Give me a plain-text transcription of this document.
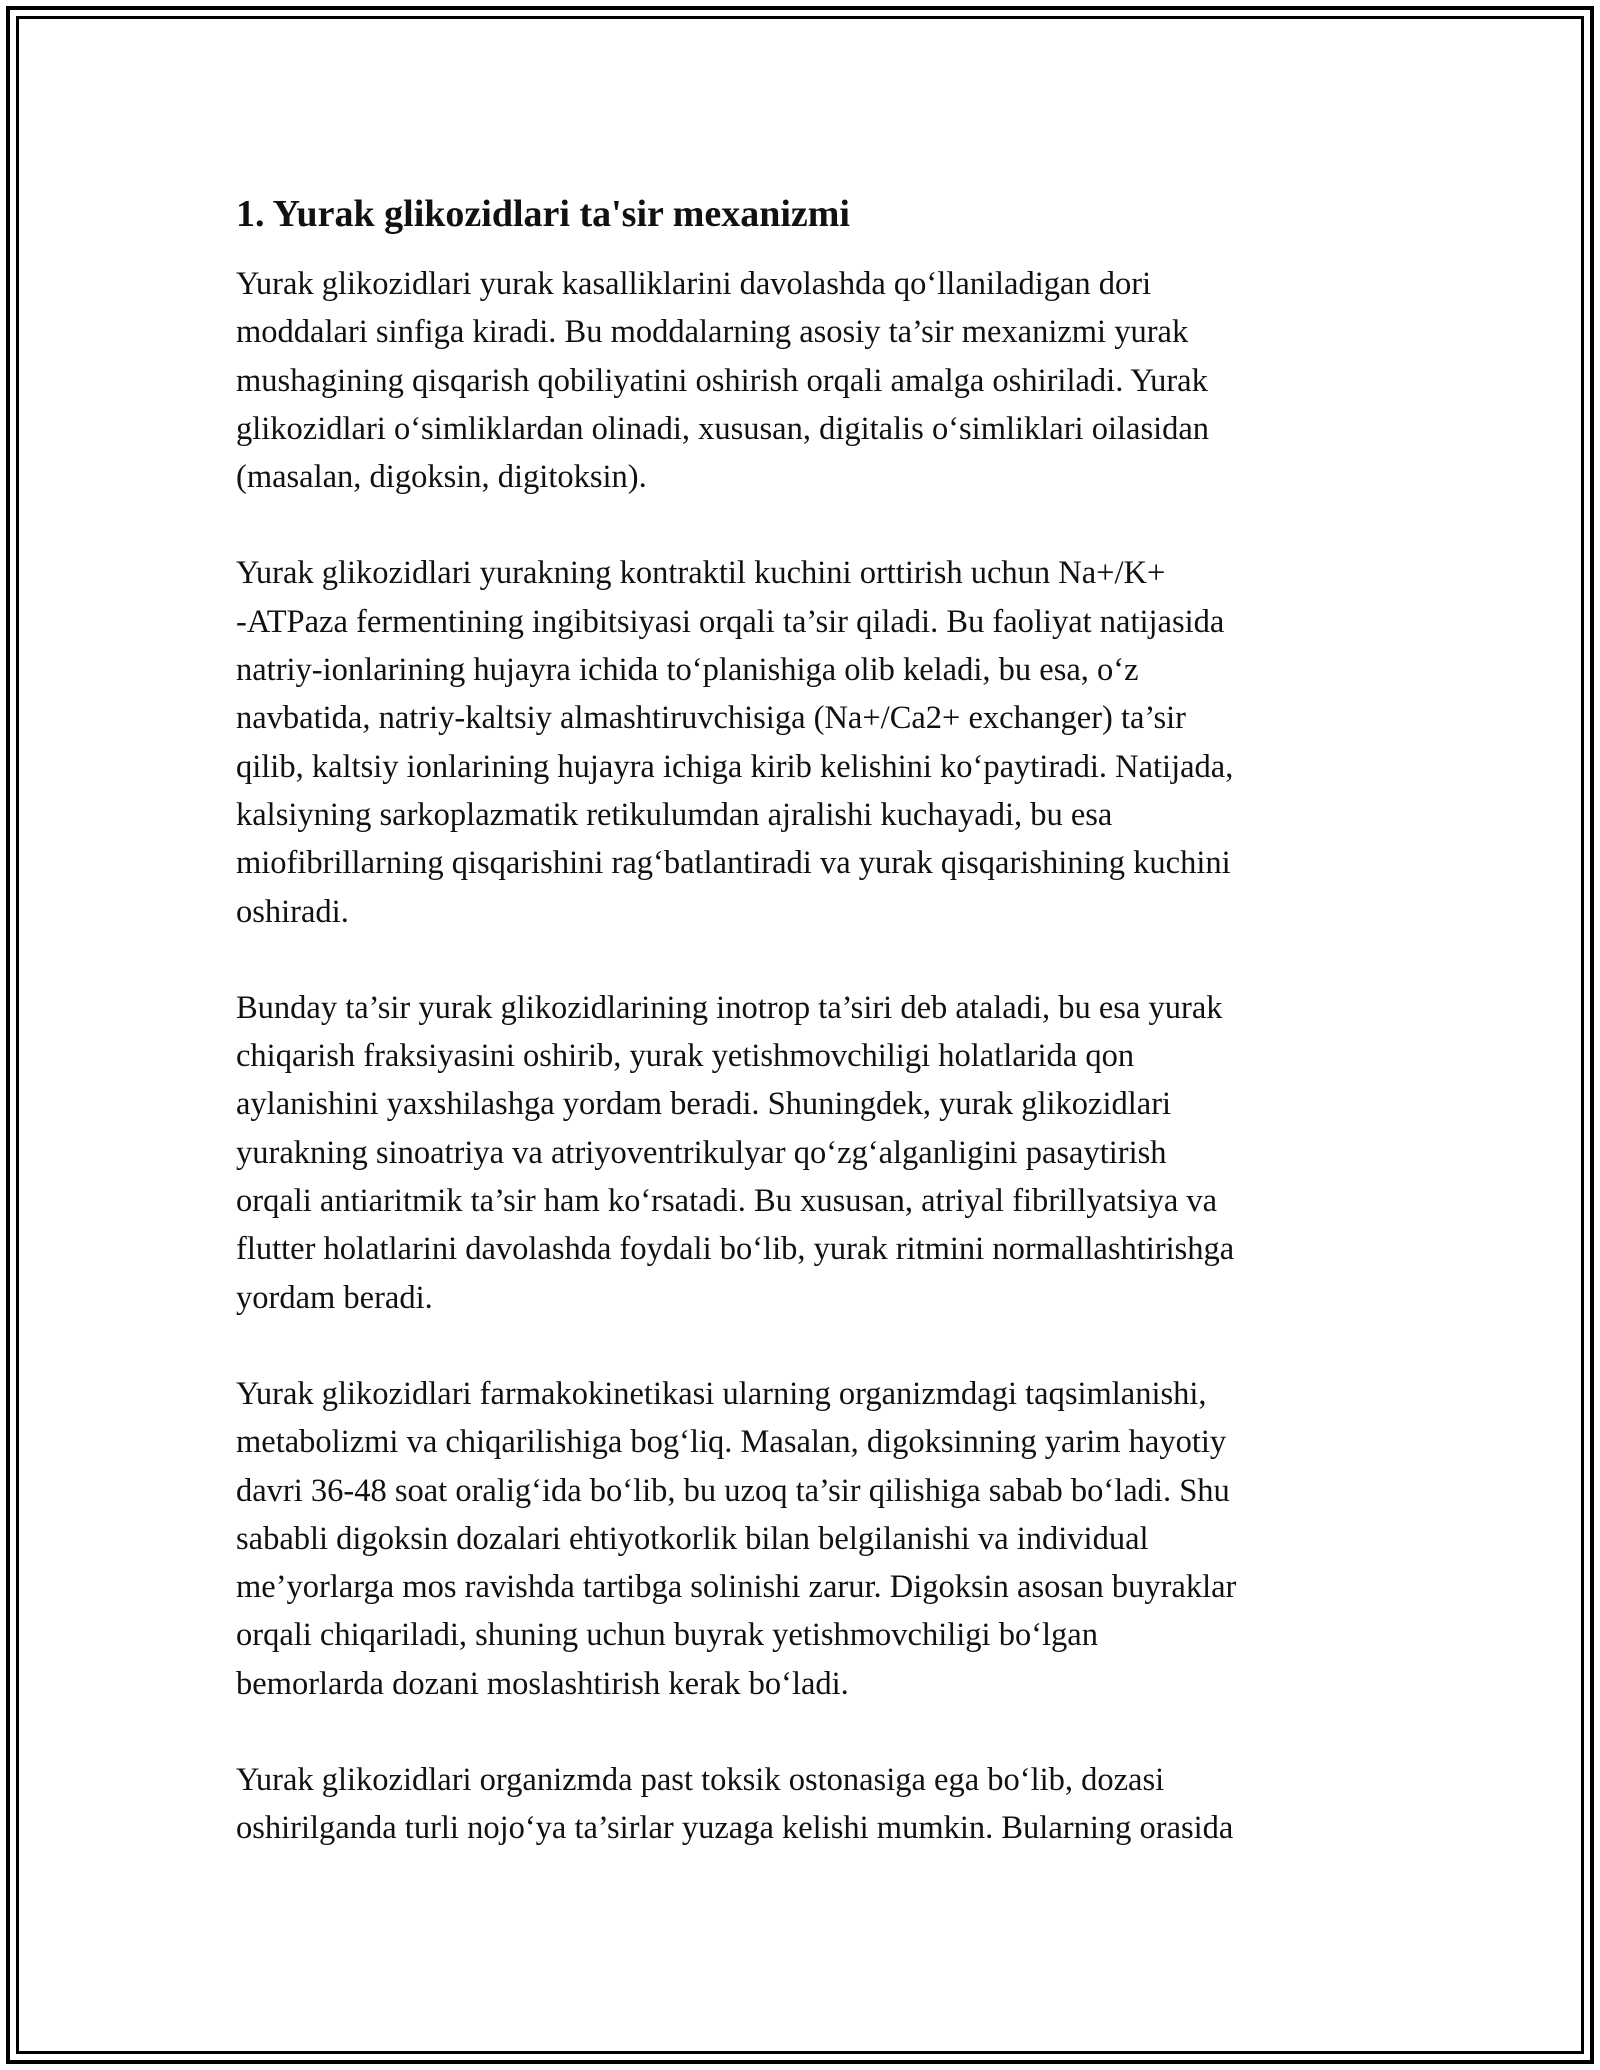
1. Yurak glikozidlari ta'sir mexanizmi

Yurak glikozidlari yurak kasalliklarini davolashda qo‘llaniladigan dori
moddalari sinfiga kiradi. Bu moddalarning asosiy ta’sir mexanizmi yurak
mushagining qisqarish qobiliyatini oshirish orqali amalga oshiriladi. Yurak
glikozidlari o‘simliklardan olinadi, xususan, digitalis o‘simliklari oilasidan
(masalan, digoksin, digitoksin).

Yurak glikozidlari yurakning kontraktil kuchini orttirish uchun Na+/K+
-ATPaza fermentining ingibitsiyasi orqali ta’sir qiladi. Bu faoliyat natijasida
natriy-ionlarining hujayra ichida to‘planishiga olib keladi, bu esa, o‘z
navbatida, natriy-kaltsiy almashtiruvchisiga (Na+/Ca2+ exchanger) ta’sir
qilib, kaltsiy ionlarining hujayra ichiga kirib kelishini ko‘paytiradi. Natijada,
kalsiyning sarkoplazmatik retikulumdan ajralishi kuchayadi, bu esa
miofibrillarning qisqarishini rag‘batlantiradi va yurak qisqarishining kuchini
oshiradi.

Bunday ta’sir yurak glikozidlarining inotrop ta’siri deb ataladi, bu esa yurak
chiqarish fraksiyasini oshirib, yurak yetishmovchiligi holatlarida qon
aylanishini yaxshilashga yordam beradi. Shuningdek, yurak glikozidlari
yurakning sinoatriya va atriyoventrikulyar qo‘zg‘alganligini pasaytirish
orqali antiaritmik ta’sir ham ko‘rsatadi. Bu xususan, atriyal fibrillyatsiya va
flutter holatlarini davolashda foydali bo‘lib, yurak ritmini normallashtirishga
yordam beradi.

Yurak glikozidlari farmakokinetikasi ularning organizmdagi taqsimlanishi,
metabolizmi va chiqarilishiga bog‘liq. Masalan, digoksinning yarim hayotiy
davri 36-48 soat oralig‘ida bo‘lib, bu uzoq ta’sir qilishiga sabab bo‘ladi. Shu
sababli digoksin dozalari ehtiyotkorlik bilan belgilanishi va individual
me’yorlarga mos ravishda tartibga solinishi zarur. Digoksin asosan buyraklar
orqali chiqariladi, shuning uchun buyrak yetishmovchiligi bo‘lgan
bemorlarda dozani moslashtirish kerak bo‘ladi.

Yurak glikozidlari organizmda past toksik ostonasiga ega bo‘lib, dozasi
oshirilganda turli nojo‘ya ta’sirlar yuzaga kelishi mumkin. Bularning orasida
